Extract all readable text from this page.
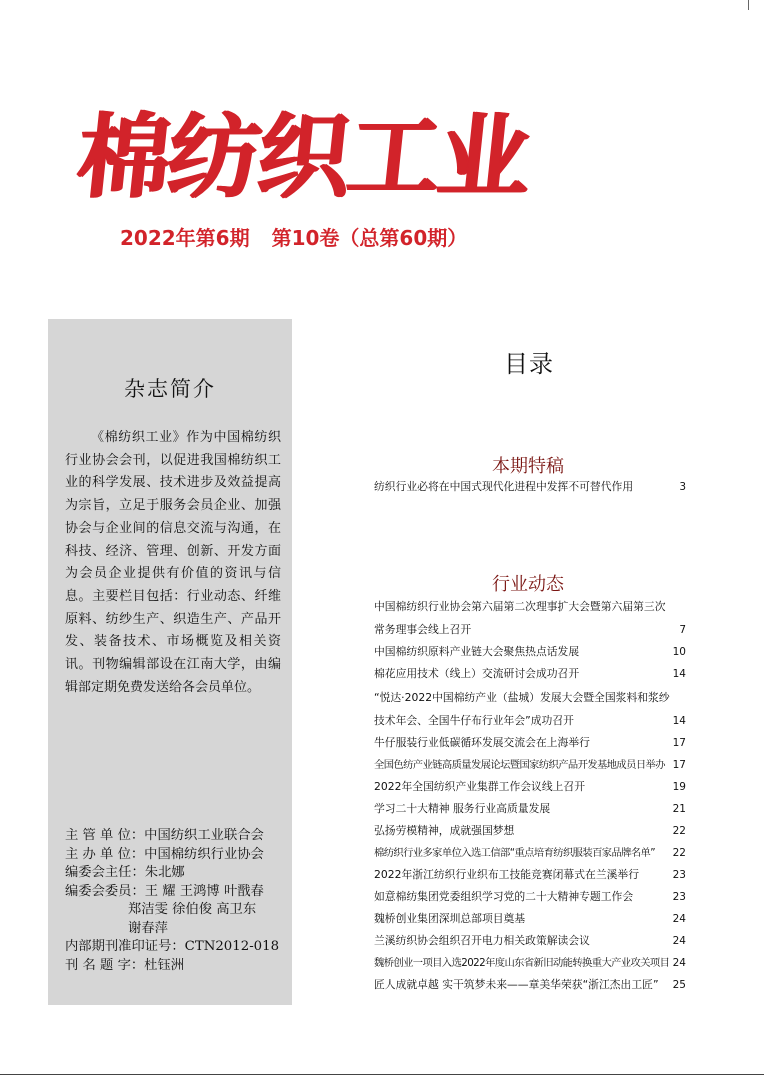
棉纺织工业
2022年第6期 第10卷（总第60期）
杂志简介

《棉纺织工业》作为中国棉纺织行业协会会刊，以促进我国棉纺织工业的科学发展、技术进步及效益提高为宗旨，立足于服务会员企业、加强协会与企业间的信息交流与沟通，在科技、经济、管理、创新、开发方面为会员企业提供有价值的资讯与信息。主要栏目包括：行业动态、纤维原料、纺纱生产、织造生产、产品开发、装备技术、市场概览及相关资讯。刊物编辑部设在江南大学，由编辑部定期免费发送给各会员单位。

主 管 单 位： 中国纺织工业联合会
主 办 单 位： 中国棉纺织行业协会
编委会主任： 朱北娜
编委会委员： 王 耀 王鸿博 叶戬春
郑洁雯 徐伯俊 高卫东
谢春萍
内部期刊准印证号： CTN2012-018
刊 名 题 字： 杜钰洲
目录
本期特稿
纺织行业必将在中国式现代化进程中发挥不可替代作用	3
行业动态
中国棉纺织行业协会第六届第二次理事扩大会暨第六届第三次
常务理事会线上召开	7
中国棉纺织原料产业链大会聚焦热点话发展	10
棉花应用技术（线上）交流研讨会成功召开	14
“悦达·2022中国棉纺产业（盐城）发展大会暨全国浆料和浆纱
技术年会、全国牛仔布行业年会”成功召开	14
牛仔服装行业低碳循环发展交流会在上海举行	17
全国色纺产业链高质量发展论坛暨国家纺织产品开发基地成员日举办 17
2022年全国纺织产业集群工作会议线上召开	19
学习二十大精神 服务行业高质量发展	21
弘扬劳模精神，成就强国梦想	22
棉纺织行业多家单位入选工信部“重点培育纺织服装百家品牌名单”	22
2022年浙江纺织行业织布工技能竞赛闭幕式在兰溪举行	23
如意棉纺集团党委组织学习党的二十大精神专题工作会	23
魏桥创业集团深圳总部项目奠基	24
兰溪纺织协会组织召开电力相关政策解读会议	24
魏桥创业一项目入选2022年度山东省新旧动能转换重大产业攻关项目 24
匠人成就卓越 实干筑梦未来——章美华荣获“浙江杰出工匠”	25
